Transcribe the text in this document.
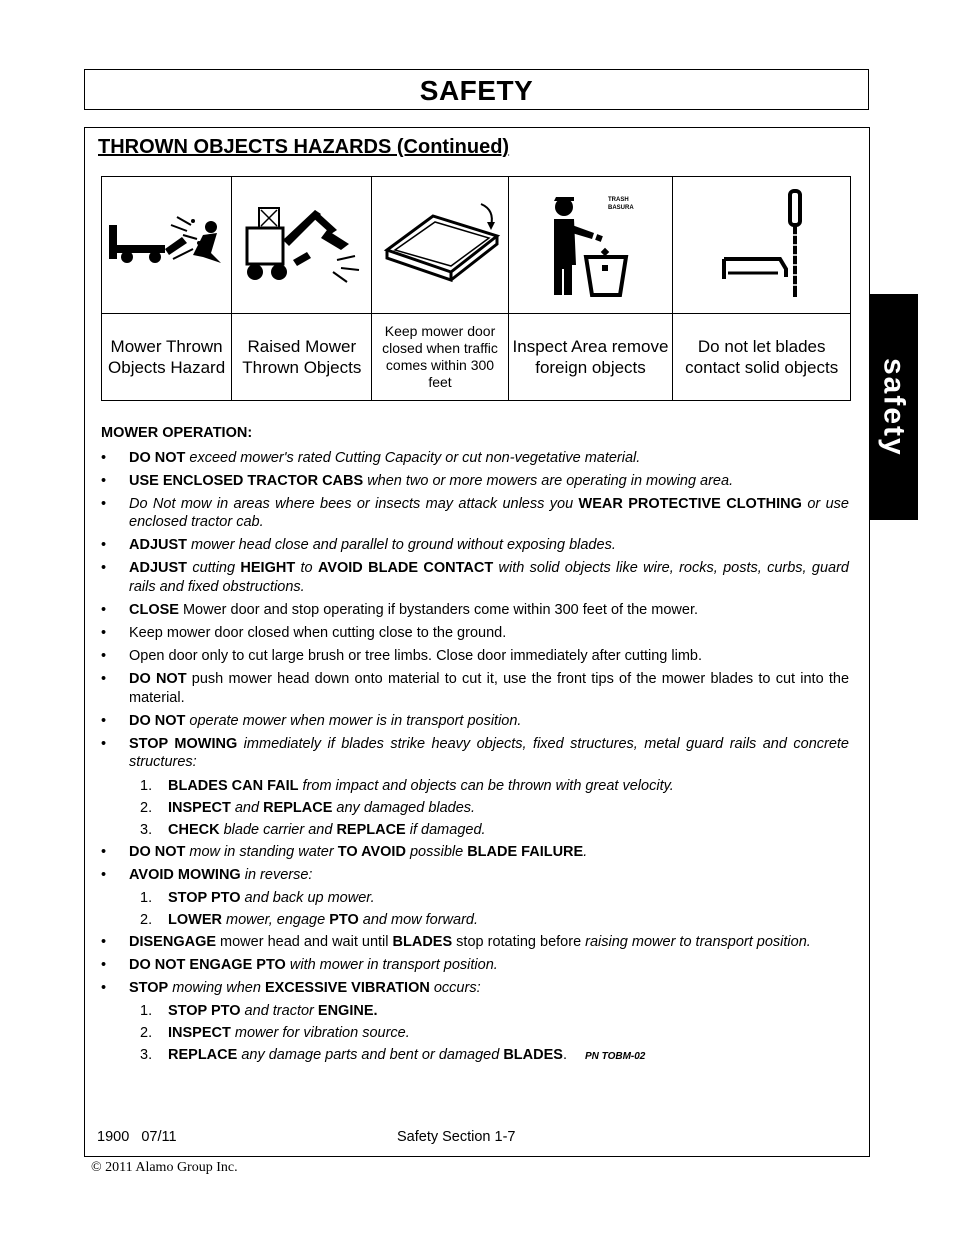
SAFETY
safety
THROWN OBJECTS HAZARDS (Continued)

TRASH
BASURA

Mower Thrown Objects Hazard	Raised Mower Thrown Objects	Keep mower door closed when traffic comes within 300 feet	Inspect Area remove foreign objects	Do not let blades contact solid objects
MOWER OPERATION:
• DO NOT exceed mower's rated Cutting Capacity or cut non-vegetative material.
• USE ENCLOSED TRACTOR CABS when two or more mowers are operating in mowing area.
• Do Not mow in areas where bees or insects may attack unless you WEAR PROTECTIVE CLOTHING or use enclosed tractor cab.
• ADJUST mower head close and parallel to ground without exposing blades.
• ADJUST cutting HEIGHT to AVOID BLADE CONTACT with solid objects like wire, rocks, posts, curbs, guard rails and fixed obstructions.
• CLOSE Mower door and stop operating if bystanders come within 300 feet of the mower.
• Keep mower door closed when cutting close to the ground.
• Open door only to cut large brush or tree limbs. Close door immediately after cutting limb.
• DO NOT push mower head down onto material to cut it, use the front tips of the mower blades to cut into the material.
• DO NOT operate mower when mower is in transport position.
• STOP MOWING immediately if blades strike heavy objects, fixed structures, metal guard rails and concrete structures:
1. BLADES CAN FAIL from impact and objects can be thrown with great velocity.
2. INSPECT and REPLACE any damaged blades.
3. CHECK blade carrier and REPLACE if damaged.
• DO NOT mow in standing water TO AVOID possible BLADE FAILURE.
• AVOID MOWING in reverse:
1. STOP PTO and back up mower.
2. LOWER mower, engage PTO and mow forward.
• DISENGAGE mower head and wait until BLADES stop rotating before raising mower to transport position.
• DO NOT ENGAGE PTO with mower in transport position.
• STOP mowing when EXCESSIVE VIBRATION occurs:
1. STOP PTO and tractor ENGINE.
2. INSPECT mower for vibration source.
3. REPLACE any damage parts and bent or damaged BLADES. PN TOBM-02
1900   07/11	Safety Section 1-7
© 2011 Alamo Group Inc.
